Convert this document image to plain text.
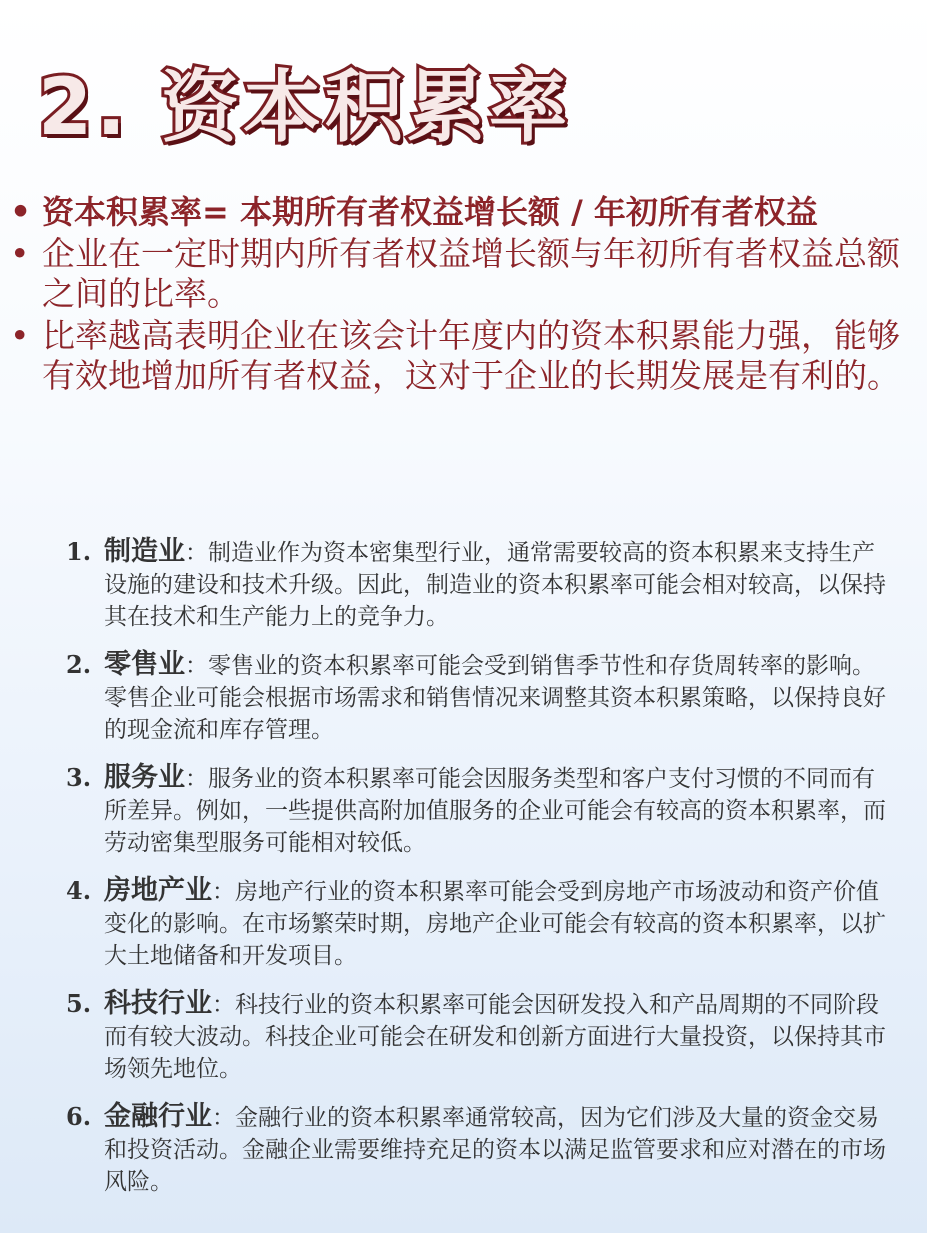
2. 资本积累率
• 资本积累率= 本期所有者权益增长额 / 年初所有者权益
• 企业在一定时期内所有者权益增长额与年初所有者权益总额之间的比率。
• 比率越高表明企业在该会计年度内的资本积累能力强，能够有效地增加所有者权益，这对于企业的长期发展是有利的。
1. 制造业：制造业作为资本密集型行业，通常需要较高的资本积累来支持生产设施的建设和技术升级。因此，制造业的资本积累率可能会相对较高，以保持其在技术和生产能力上的竞争力。
2. 零售业：零售业的资本积累率可能会受到销售季节性和存货周转率的影响。零售企业可能会根据市场需求和销售情况来调整其资本积累策略，以保持良好的现金流和库存管理。
3. 服务业：服务业的资本积累率可能会因服务类型和客户支付习惯的不同而有所差异。例如，一些提供高附加值服务的企业可能会有较高的资本积累率，而劳动密集型服务可能相对较低。
4. 房地产业：房地产行业的资本积累率可能会受到房地产市场波动和资产价值变化的影响。在市场繁荣时期，房地产企业可能会有较高的资本积累率，以扩大土地储备和开发项目。
5. 科技行业：科技行业的资本积累率可能会因研发投入和产品周期的不同阶段而有较大波动。科技企业可能会在研发和创新方面进行大量投资，以保持其市场领先地位。
6. 金融行业：金融行业的资本积累率通常较高，因为它们涉及大量的资金交易和投资活动。金融企业需要维持充足的资本以满足监管要求和应对潜在的市场风险。
